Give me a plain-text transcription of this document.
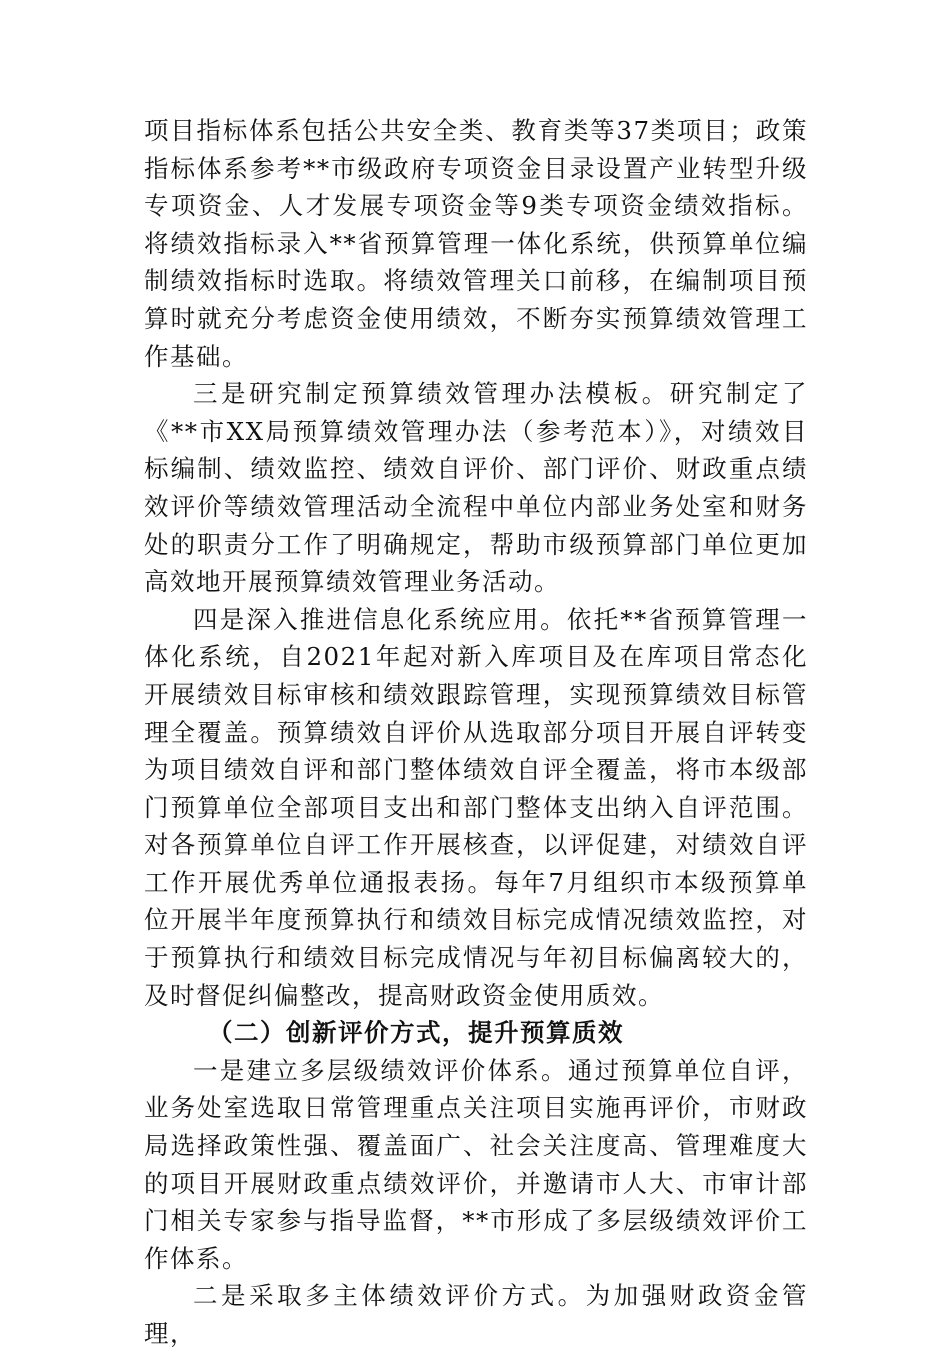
项目指标体系包括公共安全类、教育类等37类项目；政策指标体系参考**市级政府专项资金目录设置产业转型升级专项资金、人才发展专项资金等9类专项资金绩效指标。将绩效指标录入**省预算管理一体化系统，供预算单位编制绩效指标时选取。将绩效管理关口前移，在编制项目预算时就充分考虑资金使用绩效，不断夯实预算绩效管理工作基础。

三是研究制定预算绩效管理办法模板。研究制定了《**市XX局预算绩效管理办法（参考范本）》，对绩效目标编制、绩效监控、绩效自评价、部门评价、财政重点绩效评价等绩效管理活动全流程中单位内部业务处室和财务处的职责分工作了明确规定，帮助市级预算部门单位更加高效地开展预算绩效管理业务活动。

四是深入推进信息化系统应用。依托**省预算管理一体化系统，自2021年起对新入库项目及在库项目常态化开展绩效目标审核和绩效跟踪管理，实现预算绩效目标管理全覆盖。预算绩效自评价从选取部分项目开展自评转变为项目绩效自评和部门整体绩效自评全覆盖，将市本级部门预算单位全部项目支出和部门整体支出纳入自评范围。对各预算单位自评工作开展核查，以评促建，对绩效自评工作开展优秀单位通报表扬。每年7月组织市本级预算单位开展半年度预算执行和绩效目标完成情况绩效监控，对于预算执行和绩效目标完成情况与年初目标偏离较大的，及时督促纠偏整改，提高财政资金使用质效。

（二）创新评价方式，提升预算质效

一是建立多层级绩效评价体系。通过预算单位自评，业务处室选取日常管理重点关注项目实施再评价，市财政局选择政策性强、覆盖面广、社会关注度高、管理难度大的项目开展财政重点绩效评价，并邀请市人大、市审计部门相关专家参与指导监督，**市形成了多层级绩效评价工作体系。

二是采取多主体绩效评价方式。为加强财政资金管理，
